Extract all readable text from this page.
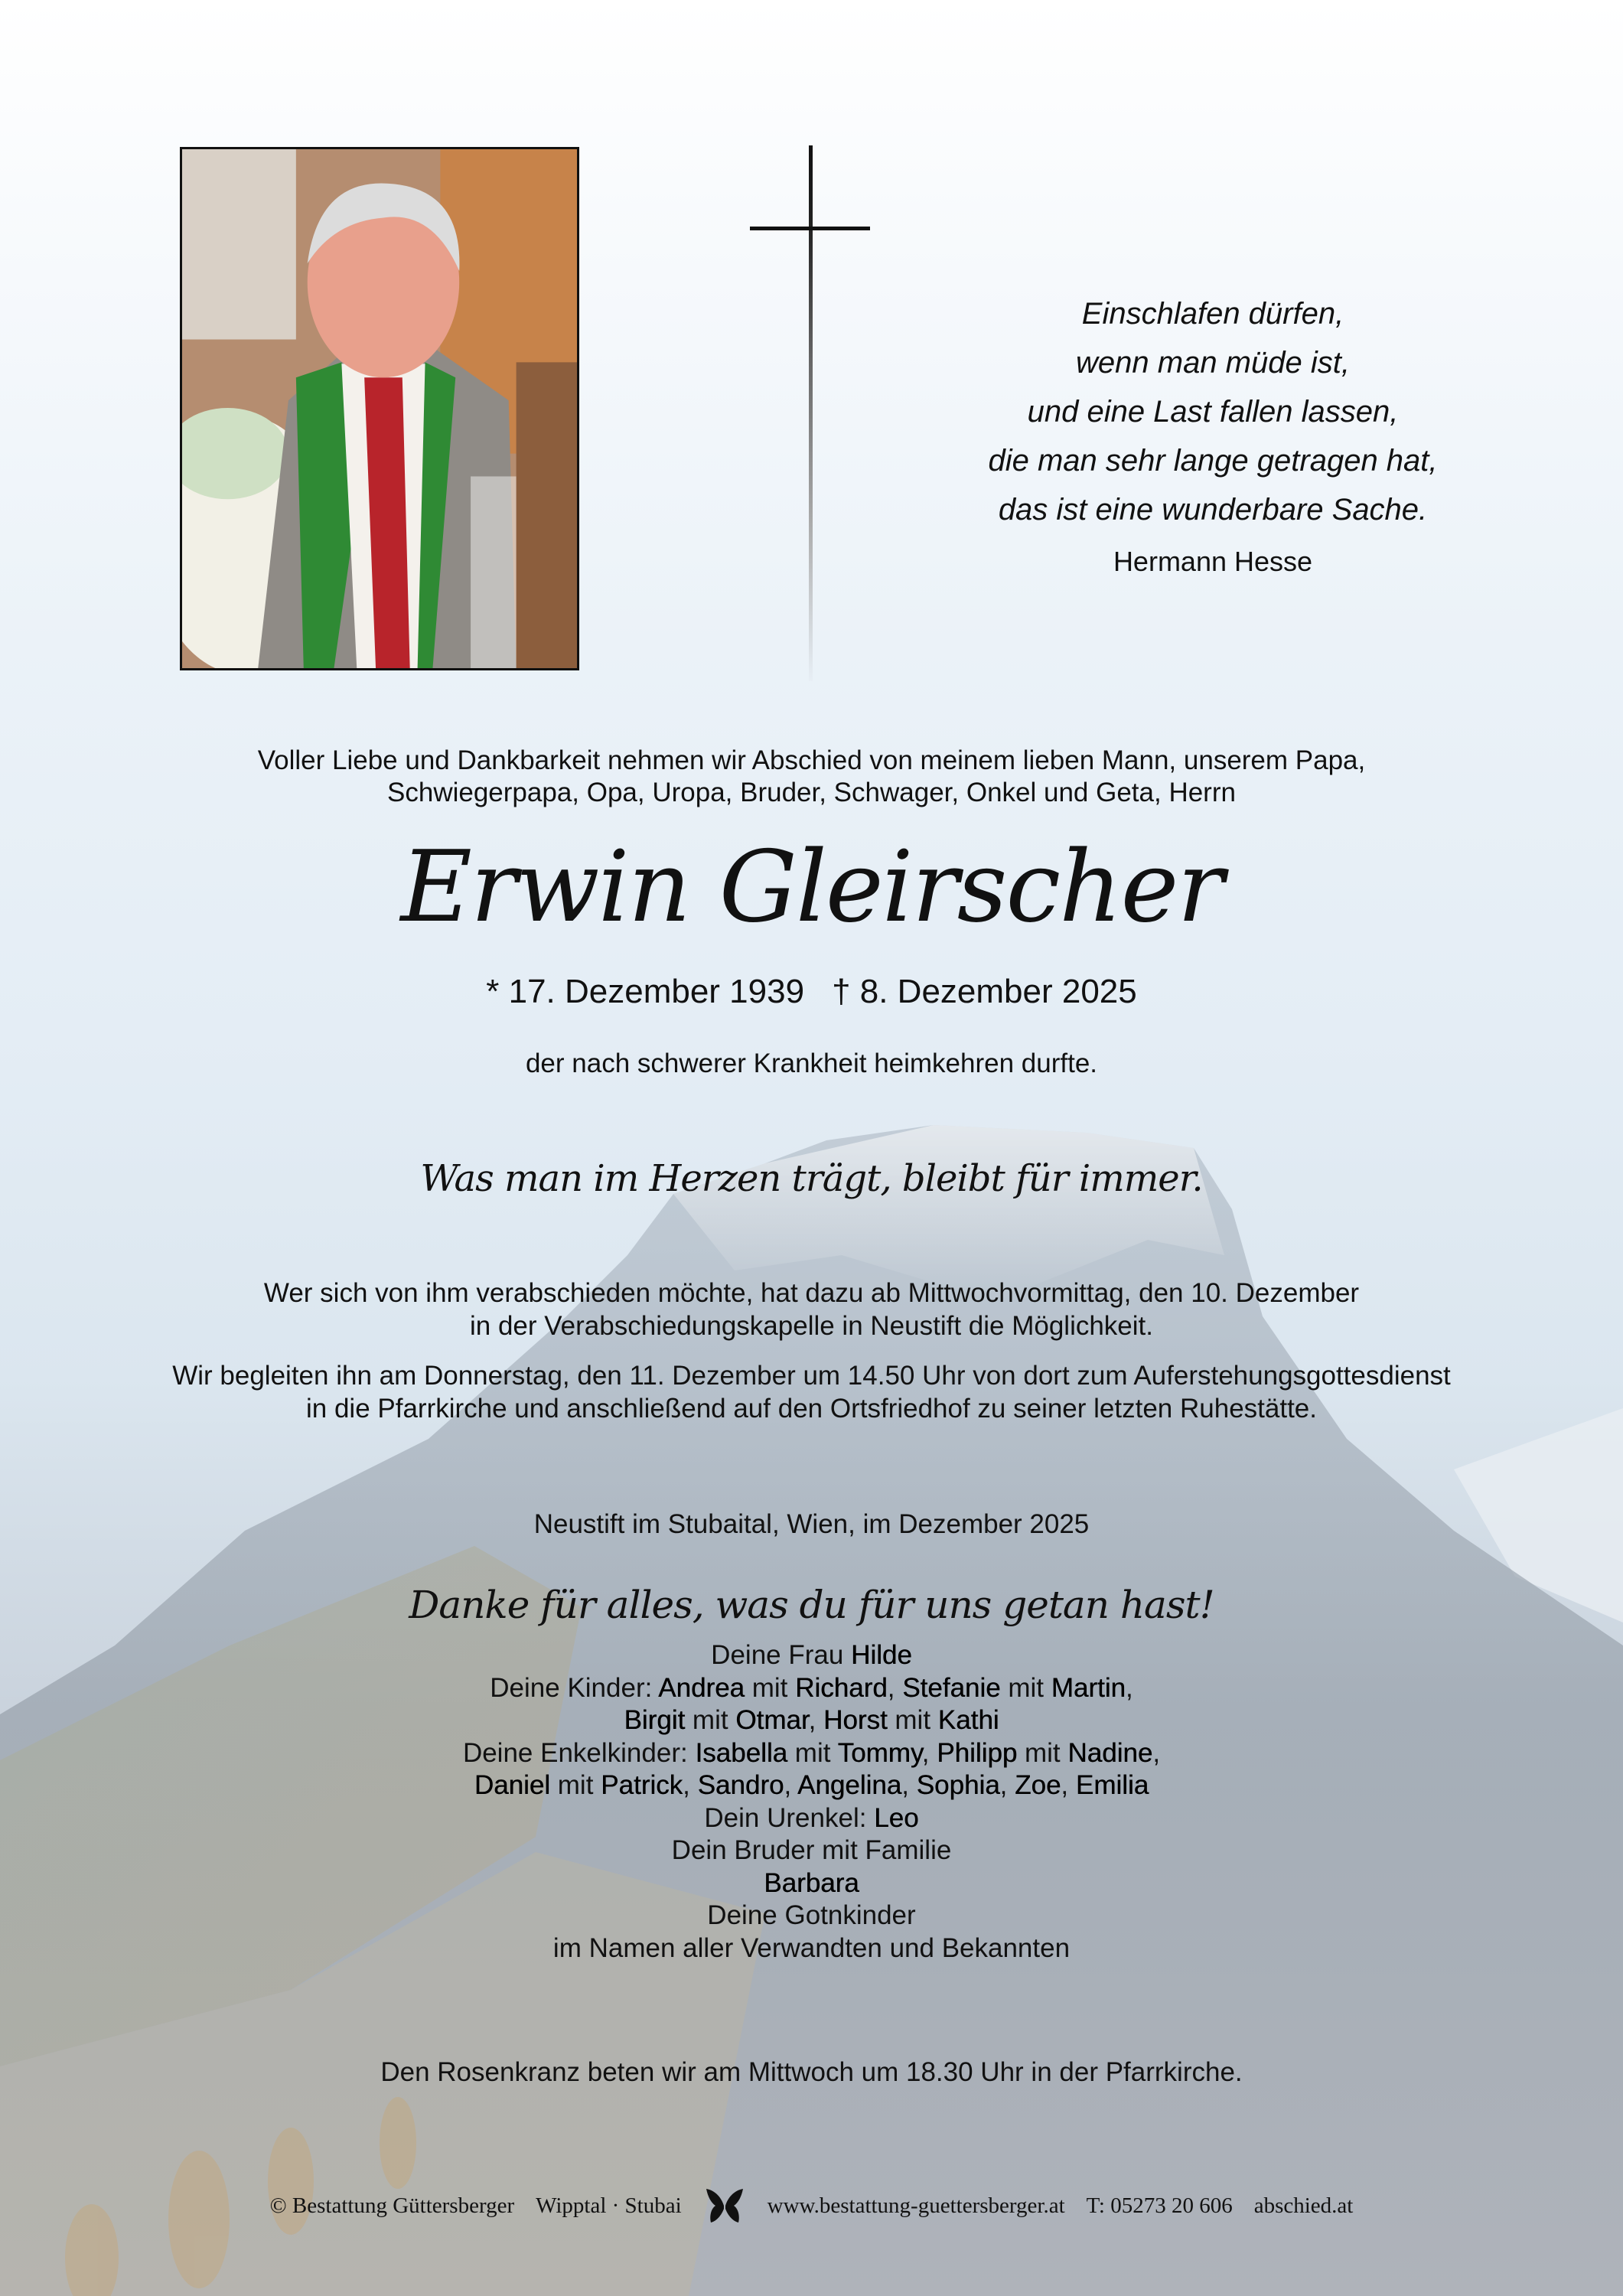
Einschlafen dürfen,
wenn man müde ist,
und eine Last fallen lassen,
die man sehr lange getragen hat,
das ist eine wunderbare Sache.
Hermann Hesse
Voller Liebe und Dankbarkeit nehmen wir Abschied von meinem lieben Mann, unserem Papa,
Schwiegerpapa, Opa, Uropa, Bruder, Schwager, Onkel und Geta, Herrn
Erwin Gleirscher
* 17. Dezember 1939 † 8. Dezember 2025
der nach schwerer Krankheit heimkehren durfte.
Was man im Herzen trägt, bleibt für immer.
Wer sich von ihm verabschieden möchte, hat dazu ab Mittwochvormittag, den 10. Dezember
in der Verabschiedungskapelle in Neustift die Möglichkeit.
Wir begleiten ihn am Donnerstag, den 11. Dezember um 14.50 Uhr von dort zum Auferstehungsgottesdienst
in die Pfarrkirche und anschließend auf den Ortsfriedhof zu seiner letzten Ruhestätte.
Neustift im Stubaital, Wien, im Dezember 2025
Danke für alles, was du für uns getan hast!
Deine Frau Hilde
Deine Kinder: Andrea mit Richard, Stefanie mit Martin,
Birgit mit Otmar, Horst mit Kathi
Deine Enkelkinder: Isabella mit Tommy, Philipp mit Nadine,
Daniel mit Patrick, Sandro, Angelina, Sophia, Zoe, Emilia
Dein Urenkel: Leo
Dein Bruder mit Familie
Barbara
Deine Gotnkinder
im Namen aller Verwandten und Bekannten
Den Rosenkranz beten wir am Mittwoch um 18.30 Uhr in der Pfarrkirche.
© Bestattung Güttersberger Wipptal · Stubai	www.bestattung-guettersberger.at T: 05273 20 606 abschied.at
